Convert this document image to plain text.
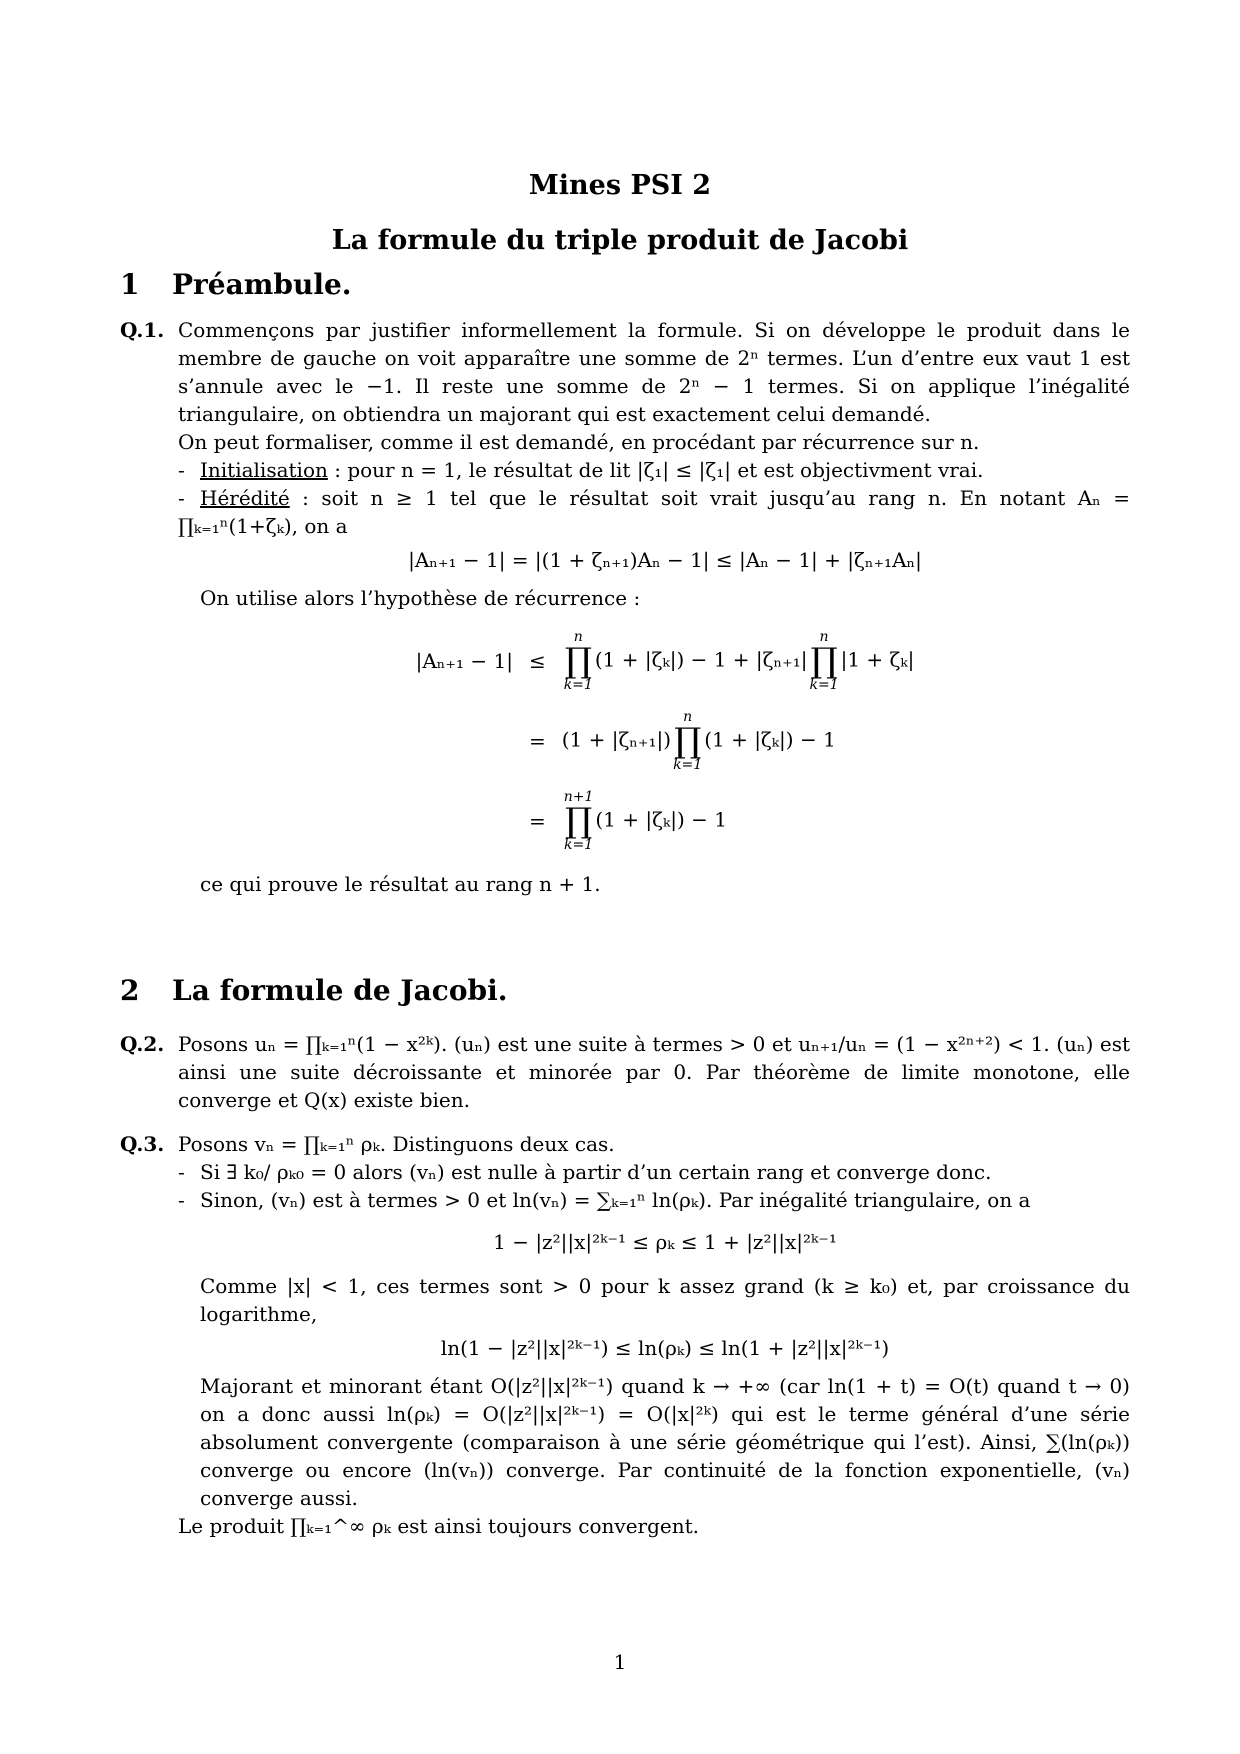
Mines PSI 2
La formule du triple produit de Jacobi
1 Préambule.
Q.1. Commençons par justifier informellement la formule. Si on développe le produit dans le membre de gauche on voit apparaître une somme de 2ⁿ termes. L’un d’entre eux vaut 1 est s’annule avec le −1. Il reste une somme de 2ⁿ − 1 termes. Si on applique l’inégalité triangulaire, on obtiendra un majorant qui est exactement celui demandé.
On peut formaliser, comme il est demandé, en procédant par récurrence sur n.
- Initialisation : pour n = 1, le résultat de lit |ζ₁| ≤ |ζ₁| et est objectivment vrai.
- Hérédité : soit n ≥ 1 tel que le résultat soit vrait jusqu’au rang n. En notant Aₙ = ∏ₖ₌₁ⁿ(1+ζₖ), on a
|Aₙ₊₁ − 1| = |(1 + ζₙ₊₁)Aₙ − 1| ≤ |Aₙ − 1| + |ζₙ₊₁Aₙ|
On utilise alors l’hypothèse de récurrence :
|Aₙ₊₁ − 1| ≤
n
∏
k=1
(1 + |ζₖ|) − 1 + |ζₙ₊₁|
n
∏
k=1
|1 + ζₖ|
= (1 + |ζₙ₊₁|)
n
∏
k=1
(1 + |ζₖ|) − 1
=
n+1
∏
k=1
(1 + |ζₖ|) − 1
ce qui prouve le résultat au rang n + 1.
2 La formule de Jacobi.
Q.2. Posons uₙ = ∏ₖ₌₁ⁿ(1 − x²ᵏ). (uₙ) est une suite à termes > 0 et uₙ₊₁/uₙ = (1 − x²ⁿ⁺²) < 1. (uₙ) est ainsi une suite décroissante et minorée par 0. Par théorème de limite monotone, elle converge et Q(x) existe bien.
Q.3. Posons vₙ = ∏ₖ₌₁ⁿ ρₖ. Distinguons deux cas.
- Si ∃ k₀/ ρₖ₀ = 0 alors (vₙ) est nulle à partir d’un certain rang et converge donc.
- Sinon, (vₙ) est à termes > 0 et ln(vₙ) = ∑ₖ₌₁ⁿ ln(ρₖ). Par inégalité triangulaire, on a
1 − |z²||x|²ᵏ⁻¹ ≤ ρₖ ≤ 1 + |z²||x|²ᵏ⁻¹
Comme |x| < 1, ces termes sont > 0 pour k assez grand (k ≥ k₀) et, par croissance du logarithme,
ln(1 − |z²||x|²ᵏ⁻¹) ≤ ln(ρₖ) ≤ ln(1 + |z²||x|²ᵏ⁻¹)
Majorant et minorant étant O(|z²||x|²ᵏ⁻¹) quand k → +∞ (car ln(1 + t) = O(t) quand t → 0) on a donc aussi ln(ρₖ) = O(|z²||x|²ᵏ⁻¹) = O(|x|²ᵏ) qui est le terme général d’une série absolument convergente (comparaison à une série géométrique qui l’est). Ainsi, ∑(ln(ρₖ)) converge ou encore (ln(vₙ)) converge. Par continuité de la fonction exponentielle, (vₙ) converge aussi.
Le produit ∏ₖ₌₁^∞ ρₖ est ainsi toujours convergent.
1
